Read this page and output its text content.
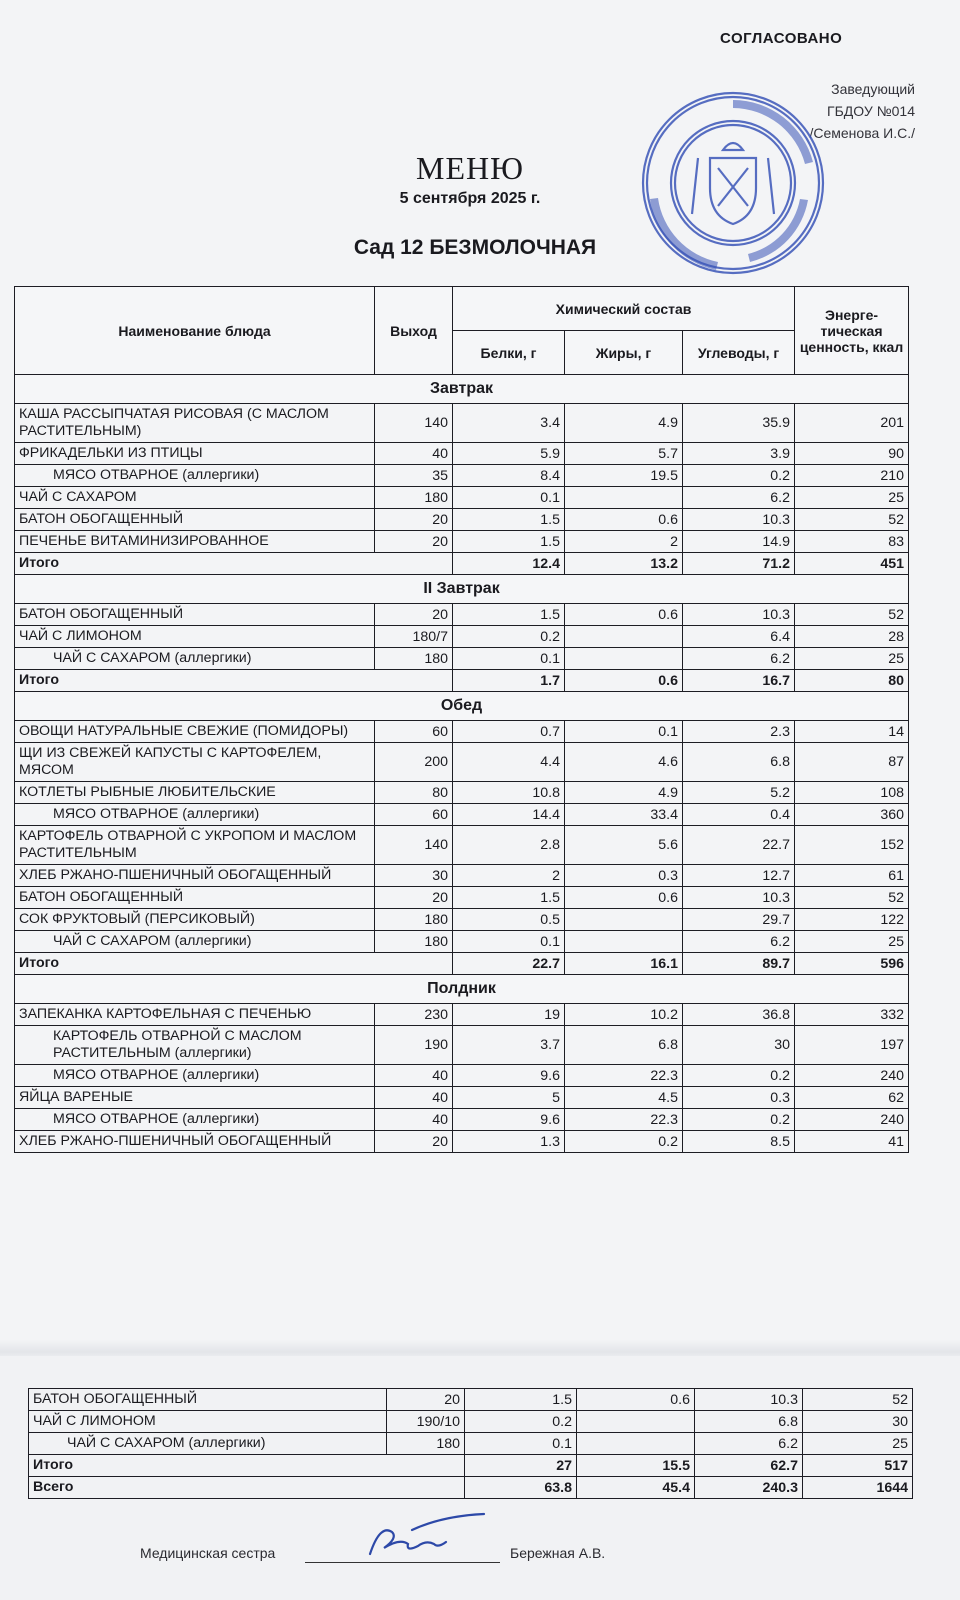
СОГЛАСОВАНО
Заведующий
ГБДОУ №014
/Семенова И.С./
МЕНЮ
5 сентября 2025 г.
Сад 12 БЕЗМОЛОЧНАЯ
Наименование блюда	Выход	Химический состав			Энерге-тическая ценность, ккал
		Белки, г	Жиры, г	Углеводы, г	
Завтрак					
КАША РАССЫПЧАТАЯ РИСОВАЯ (С МАСЛОМ РАСТИТЕЛЬНЫМ)	140	3.4	4.9	35.9	201
ФРИКАДЕЛЬКИ ИЗ ПТИЦЫ	40	5.9	5.7	3.9	90
МЯСО ОТВАРНОЕ (аллергики)	35	8.4	19.5	0.2	210
ЧАЙ С САХАРОМ	180	0.1		6.2	25
БАТОН ОБОГАЩЕННЫЙ	20	1.5	0.6	10.3	52
ПЕЧЕНЬЕ ВИТАМИНИЗИРОВАННОЕ	20	1.5	2	14.9	83
Итого		12.4	13.2	71.2	451
II Завтрак					
БАТОН ОБОГАЩЕННЫЙ	20	1.5	0.6	10.3	52
ЧАЙ С ЛИМОНОМ	180/7	0.2		6.4	28
ЧАЙ С САХАРОМ (аллергики)	180	0.1		6.2	25
Итого		1.7	0.6	16.7	80
Обед					
ОВОЩИ НАТУРАЛЬНЫЕ СВЕЖИЕ (ПОМИДОРЫ)	60	0.7	0.1	2.3	14
ЩИ ИЗ СВЕЖЕЙ КАПУСТЫ С КАРТОФЕЛЕМ, МЯСОМ	200	4.4	4.6	6.8	87
КОТЛЕТЫ РЫБНЫЕ ЛЮБИТЕЛЬСКИЕ	80	10.8	4.9	5.2	108
МЯСО ОТВАРНОЕ (аллергики)	60	14.4	33.4	0.4	360
КАРТОФЕЛЬ ОТВАРНОЙ С УКРОПОМ И МАСЛОМ РАСТИТЕЛЬНЫМ	140	2.8	5.6	22.7	152
ХЛЕБ РЖАНО-ПШЕНИЧНЫЙ ОБОГАЩЕННЫЙ	30	2	0.3	12.7	61
БАТОН ОБОГАЩЕННЫЙ	20	1.5	0.6	10.3	52
СОК ФРУКТОВЫЙ (ПЕРСИКОВЫЙ)	180	0.5		29.7	122
ЧАЙ С САХАРОМ (аллергики)	180	0.1		6.2	25
Итого		22.7	16.1	89.7	596
Полдник					
ЗАПЕКАНКА КАРТОФЕЛЬНАЯ С ПЕЧЕНЬЮ	230	19	10.2	36.8	332
КАРТОФЕЛЬ ОТВАРНОЙ С МАСЛОМ РАСТИТЕЛЬНЫМ (аллергики)	190	3.7	6.8	30	197
МЯСО ОТВАРНОЕ (аллергики)	40	9.6	22.3	0.2	240
ЯЙЦА ВАРЕНЫЕ	40	5	4.5	0.3	62
МЯСО ОТВАРНОЕ (аллергики)	40	9.6	22.3	0.2	240
ХЛЕБ РЖАНО-ПШЕНИЧНЫЙ ОБОГАЩЕННЫЙ	20	1.3	0.2	8.5	41
БАТОН ОБОГАЩЕННЫЙ	20	1.5	0.6	10.3	52
ЧАЙ С ЛИМОНОМ	190/10	0.2		6.8	30
ЧАЙ С САХАРОМ (аллергики)	180	0.1		6.2	25
Итого		27	15.5	62.7	517
Всего		63.8	45.4	240.3	1644
Медицинская сестра	Бережная А.В.
